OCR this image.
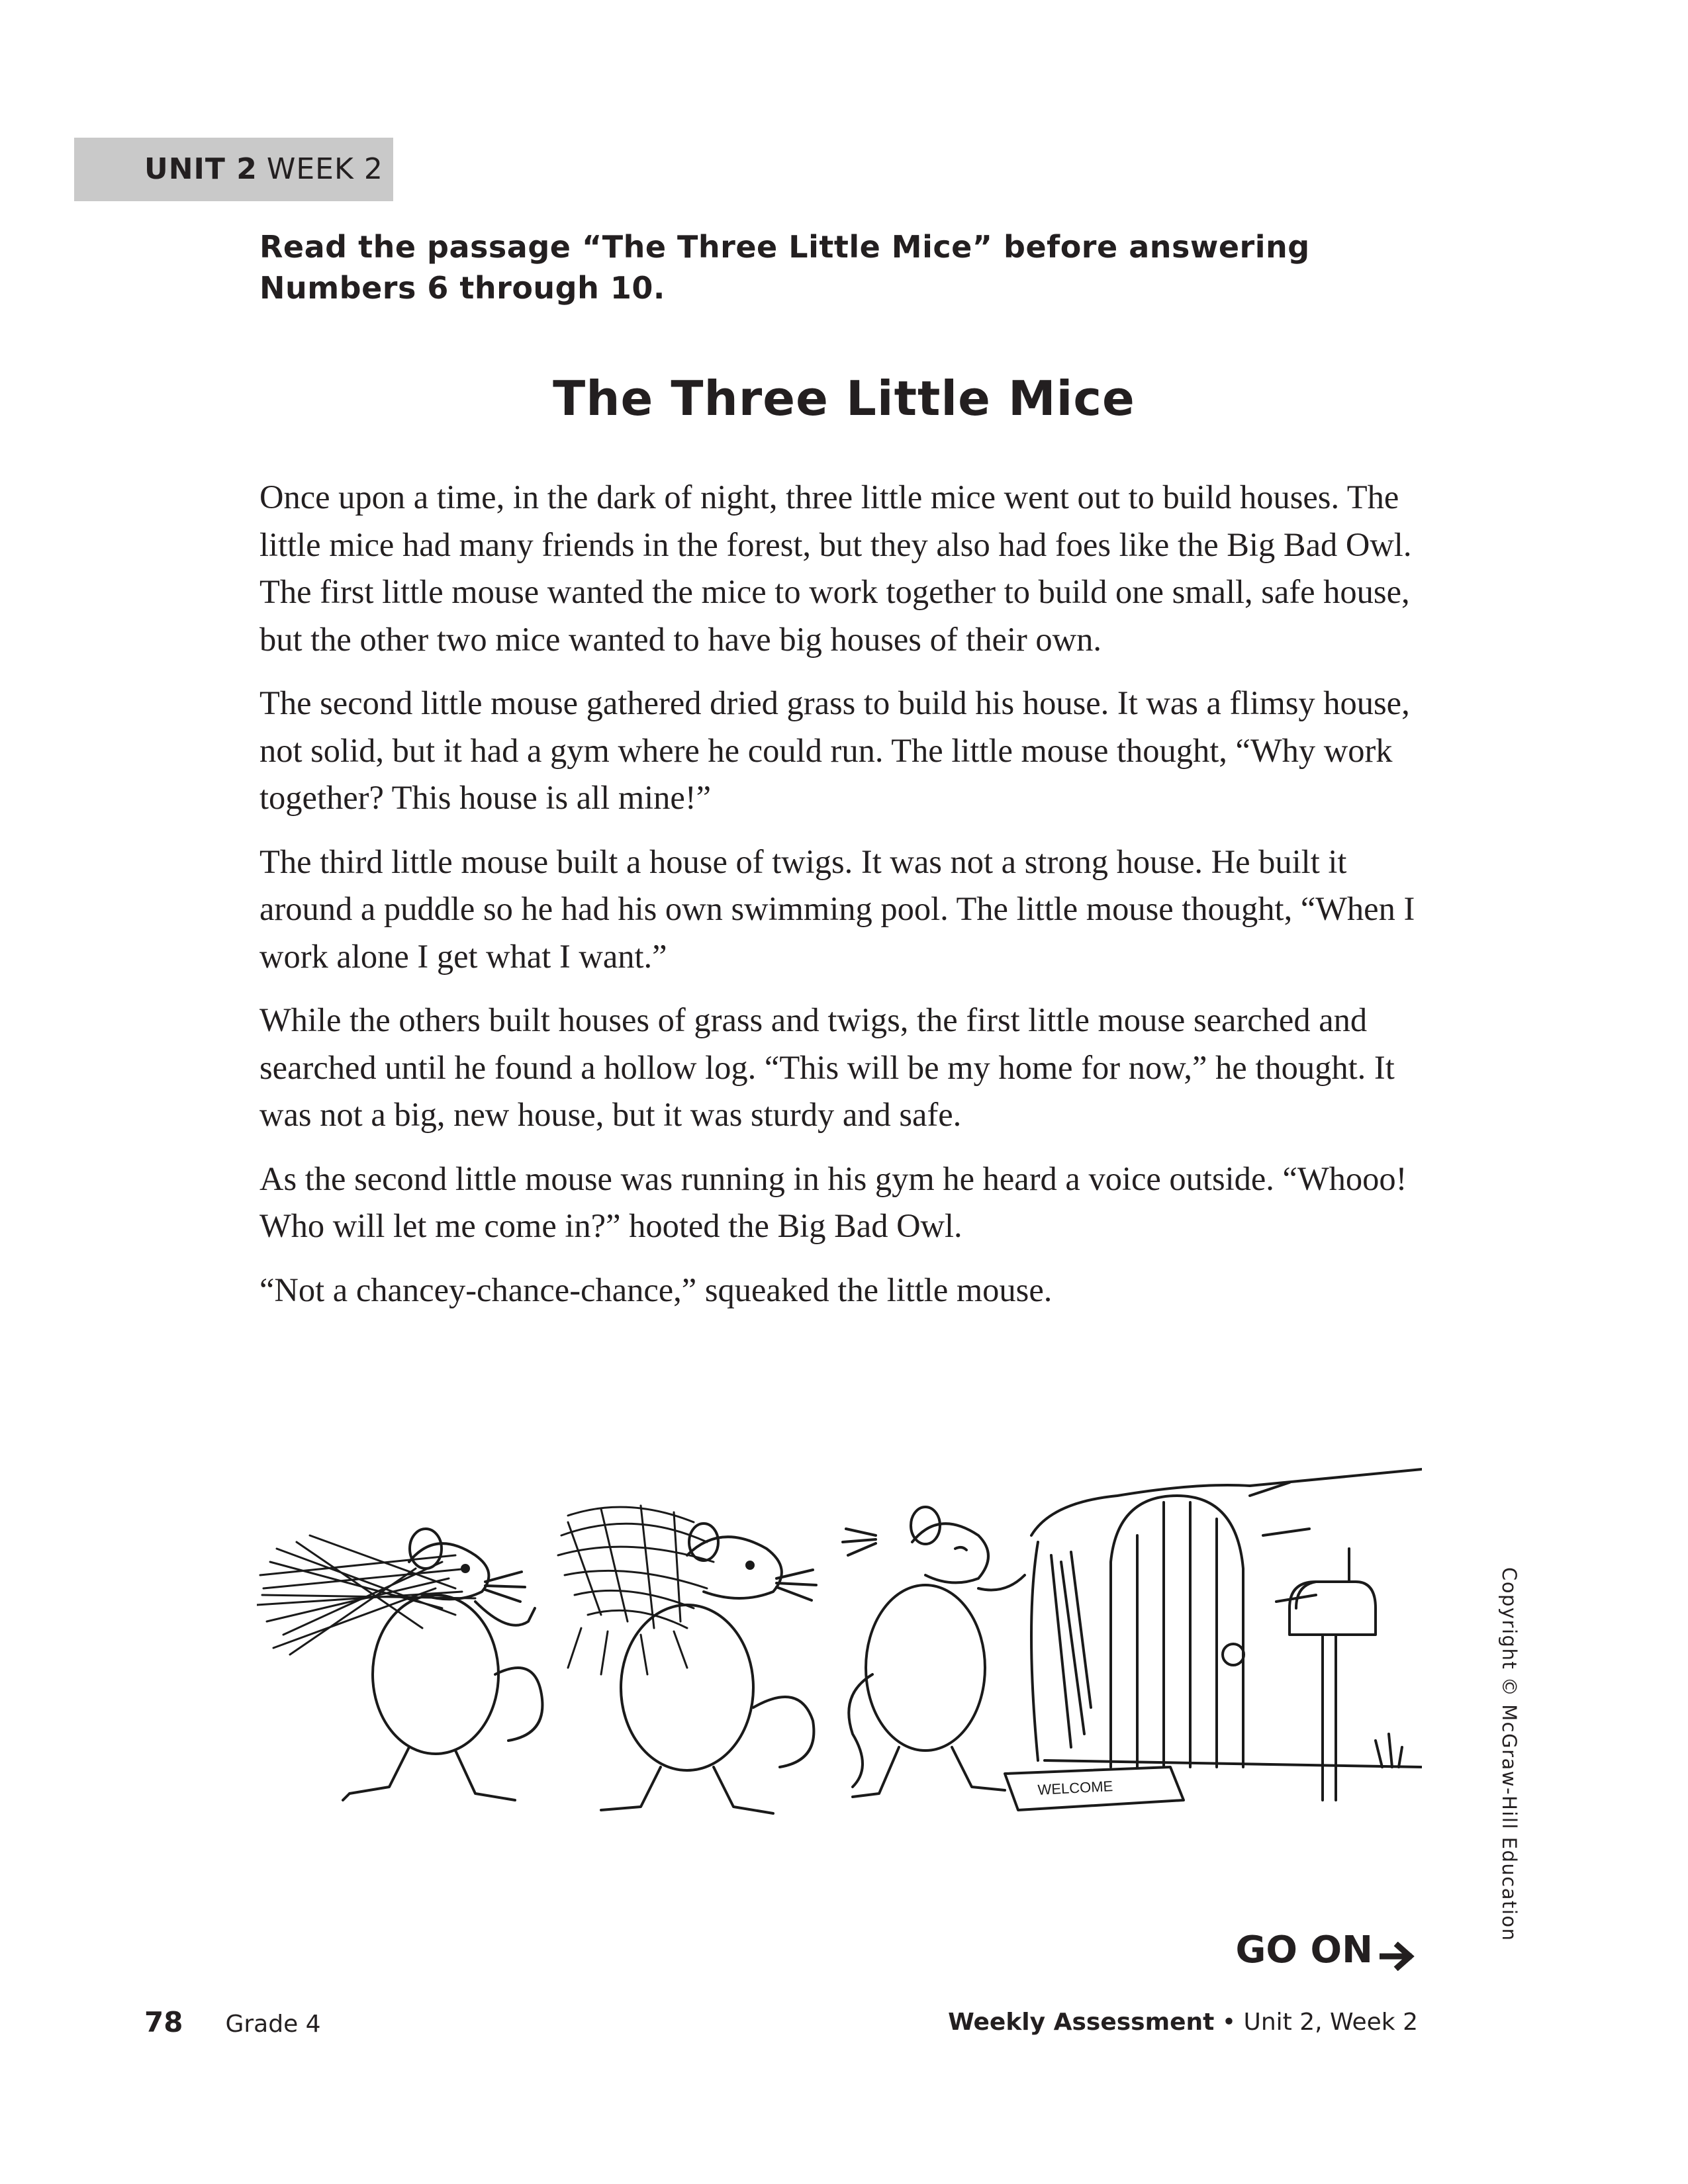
UNIT 2 WEEK 2
Read the passage “The Three Little Mice” before answering Numbers 6 through 10.
The Three Little Mice

Once upon a time, in the dark of night, three little mice went out to build houses. The little mice had many friends in the forest, but they also had foes like the Big Bad Owl. The first little mouse wanted the mice to work together to build one small, safe house, but the other two mice wanted to have big houses of their own.

The second little mouse gathered dried grass to build his house. It was a flimsy house, not solid, but it had a gym where he could run. The little mouse thought, “Why work together? This house is all mine!”

The third little mouse built a house of twigs. It was not a strong house. He built it around a puddle so he had his own swimming pool. The little mouse thought, “When I work alone I get what I want.”

While the others built houses of grass and twigs, the first little mouse searched and searched until he found a hollow log. “This will be my home for now,” he thought. It was not a big, new house, but it was sturdy and safe.

As the second little mouse was running in his gym he heard a voice outside. “Whooo! Who will let me come in?” hooted the Big Bad Owl.

“Not a chancey-chance-chance,” squeaked the little mouse.

WELCOME	Copyright © McGraw-Hill Education
GO ON
78 Grade 4	Weekly Assessment • Unit 2, Week 2
